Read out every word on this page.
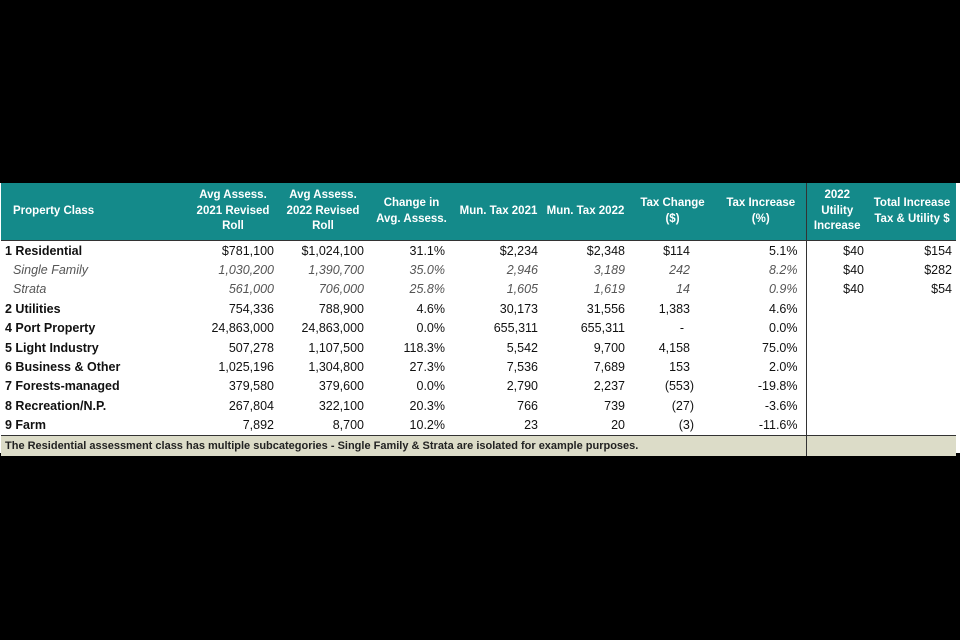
Property Class	Avg Assess. 2021 Revised Roll	Avg Assess. 2022 Revised Roll	Change in Avg. Assess.	Mun. Tax 2021	Mun. Tax 2022	Tax Change ($)	Tax Increase (%)	2022 Utility Increase	Total Increase Tax & Utility $
1 Residential	$781,100	$1,024,100	31.1%	$2,234	$2,348	$114	5.1%	$40	$154
Single Family	1,030,200	1,390,700	35.0%	2,946	3,189	242	8.2%	$40	$282
Strata	561,000	706,000	25.8%	1,605	1,619	14	0.9%	$40	$54
2 Utilities	754,336	788,900	4.6%	30,173	31,556	1,383	4.6%		
4 Port Property	24,863,000	24,863,000	0.0%	655,311	655,311	-	0.0%		
5 Light Industry	507,278	1,107,500	118.3%	5,542	9,700	4,158	75.0%		
6 Business & Other	1,025,196	1,304,800	27.3%	7,536	7,689	153	2.0%		
7 Forests-managed	379,580	379,600	0.0%	2,790	2,237	(553)	-19.8%		
8 Recreation/N.P.	267,804	322,100	20.3%	766	739	(27)	-3.6%		
9 Farm	7,892	8,700	10.2%	23	20	(3)	-11.6%		
The Residential assessment class has multiple subcategories - Single Family & Strata are isolated for example purposes.									
